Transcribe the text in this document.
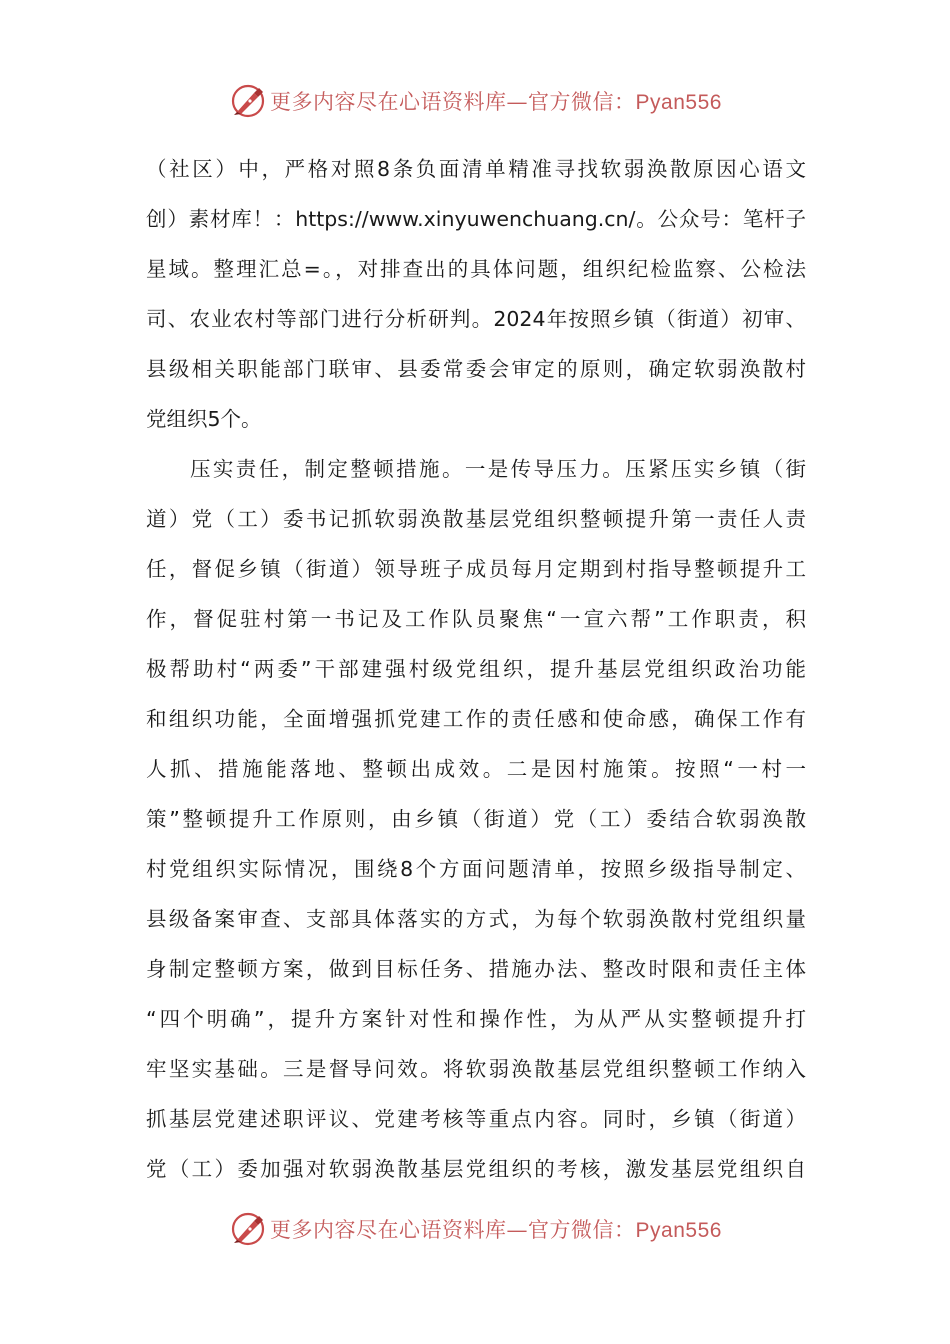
更多内容尽在心语资料库—官方微信：Pyan556
（社区）中，严格对照8条负面清单精准寻找软弱涣散原因心语文
创）素材库！：https://www.xinyuwenchuang.cn/。公众号：笔杆子
星域。整理汇总=。，对排查出的具体问题，组织纪检监察、公检法
司、农业农村等部门进行分析研判。2024年按照乡镇（街道）初审、
县级相关职能部门联审、县委常委会审定的原则，确定软弱涣散村
党组织5个。
压实责任，制定整顿措施。一是传导压力。压紧压实乡镇（街
道）党（工）委书记抓软弱涣散基层党组织整顿提升第一责任人责
任，督促乡镇（街道）领导班子成员每月定期到村指导整顿提升工
作，督促驻村第一书记及工作队员聚焦“一宣六帮”工作职责，积
极帮助村“两委”干部建强村级党组织，提升基层党组织政治功能
和组织功能，全面增强抓党建工作的责任感和使命感，确保工作有
人抓、措施能落地、整顿出成效。二是因村施策。按照“一村一
策”整顿提升工作原则，由乡镇（街道）党（工）委结合软弱涣散
村党组织实际情况，围绕8个方面问题清单，按照乡级指导制定、
县级备案审查、支部具体落实的方式，为每个软弱涣散村党组织量
身制定整顿方案，做到目标任务、措施办法、整改时限和责任主体
“四个明确”，提升方案针对性和操作性，为从严从实整顿提升打
牢坚实基础。三是督导问效。将软弱涣散基层党组织整顿工作纳入
抓基层党建述职评议、党建考核等重点内容。同时，乡镇（街道）
党（工）委加强对软弱涣散基层党组织的考核，激发基层党组织自
更多内容尽在心语资料库—官方微信：Pyan556
